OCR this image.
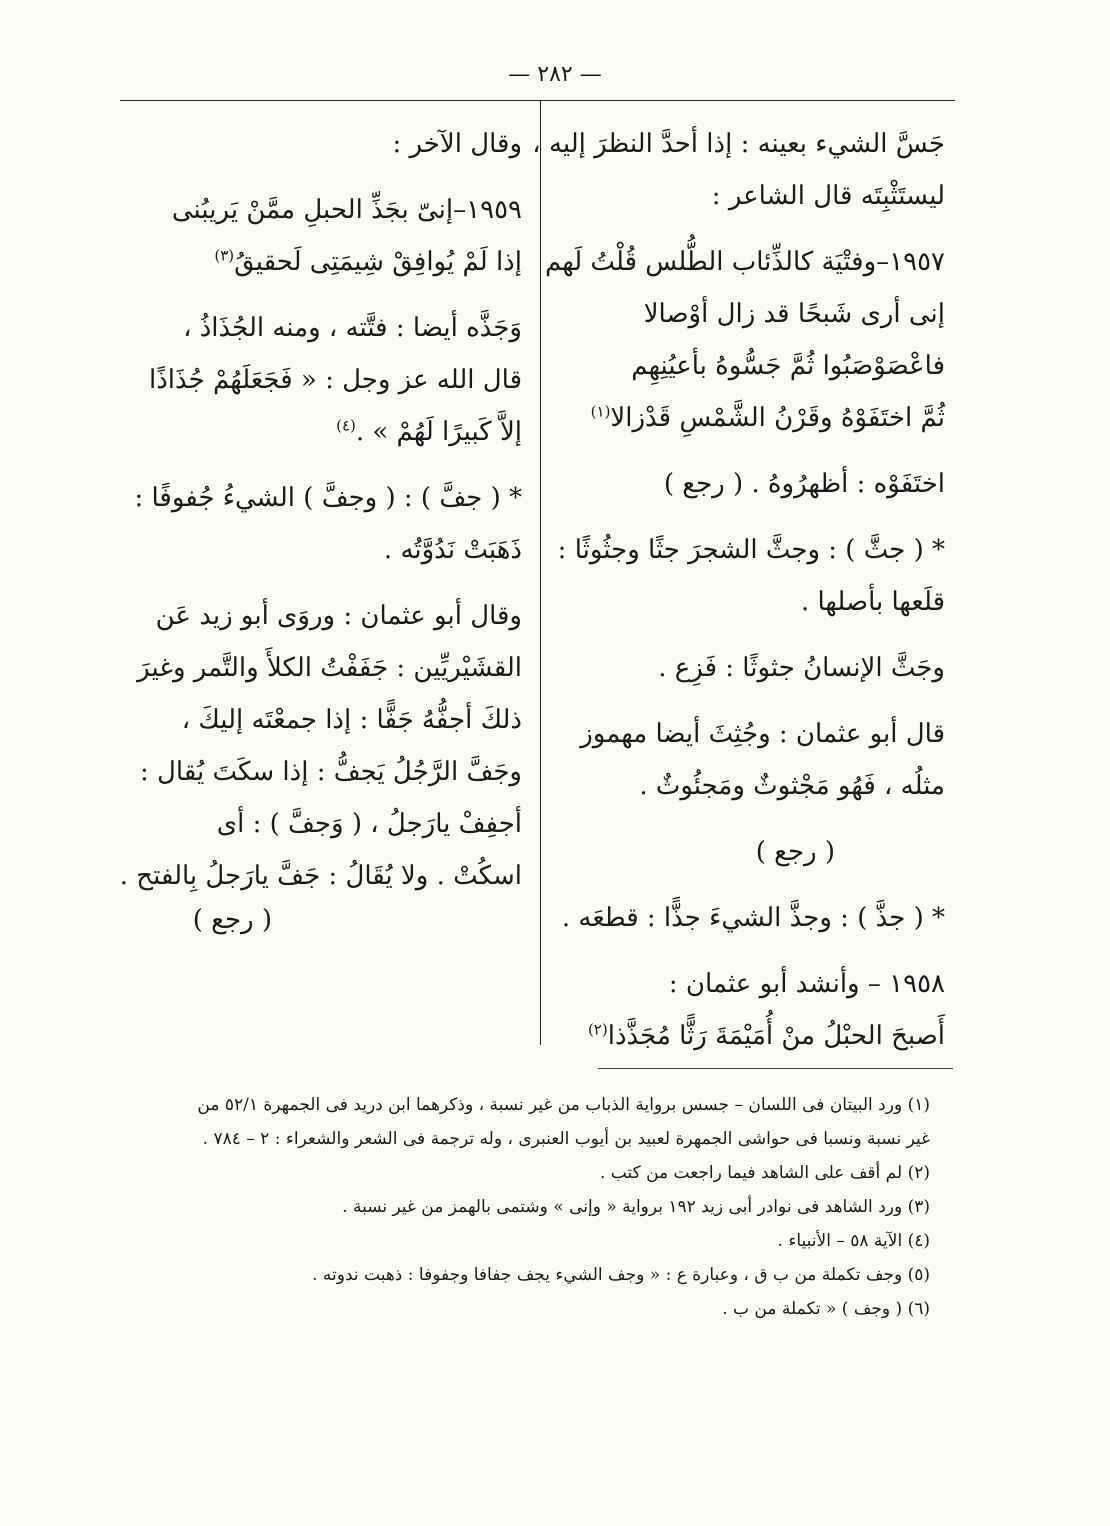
— ٢٨٢ —
جَسَّ الشيء بعينه : إذا أحدَّ النظرَ إليه ،
ليستَثْبِتَه قال الشاعر :
١٩٥٧–وفتْيَة كالذِّئاب الطُّلس قُلْتُ لَهم
إنى أرى شَبحًا قد زال أوْصالا
فاعْصَوْصَبُوا ثُمَّ جَسُّوهُ بأعيُنِهِم
ثُمَّ اختَفَوْهُ وقَرْنُ الشَّمْسِ قَدْزالا$^{(١)}$
اختَفَوْه : أظهرُوهُ . ( رجع )
* ( جثَّ ) : وجثَّ الشجرَ جثًا وجثُوثًا :
قلَعها بأصلها .
وجَثَّ الإنسانُ جثوثًا : فَزِع .
قال أبو عثمان : وجُثِثَ أيضا مهموز
مثلُه ، فَهُو مَجْثوثٌ ومَجئُوثٌ .
( رجع )
* ( جذَّ ) : وجذَّ الشيءَ جذًّا : قطعَه .
١٩٥٨ – وأنشد أبو عثمان :
أَصبحَ الحبْلُ منْ أُمَيْمَةَ رَثًّا مُجَذَّذا$^{(٢)}$
وقال الآخر :
١٩٥٩–إنىّ بجَذِّ الحبلِ ممَّنْ يَريبُنى
إذا لَمْ يُوافِقْ شِيمَتِى لَحقيقُ$^{(٣)}$
وَجَذَّه أيضا : فتَّته ، ومنه الجُذَاذُ ،
قال الله عز وجل : « فَجَعَلَهُمْ جُذَاذًا
إلاَّ كَبيرًا لَهُمْ » .$^{(٤)}$
* ( جفَّ ) : ( وجفَّ ) الشيءُ جُفوفًا :
ذَهَبَتْ نَدُوَّتُه .
وقال أبو عثمان : وروَى أبو زيد عَن
القشَيْريِّين : جَفَفْتُ الكلأَ والتَّمر وغيرَ
ذلكَ أجفُّهُ جَفًّا : إذا جمعْتَه إليكَ ،
وجَفَّ الرَّجُلُ يَجفُّ : إذا سكَتَ يُقال :
أجفِفْ يارَجلُ ، ( وَجفَّ ) : أى
اسكُتْ . ولا يُقَالُ : جَفَّ يارَجلُ بِالفتح .
( رجع )
(١) ورد البيتان فى اللسان – جسس برواية الذباب من غير نسبة ، وذكرهما ابن دريد فى الجمهرة ٥٢/١ من
غير نسبة ونسبا فى حواشى الجمهرة لعبيد بن أيوب العنبرى ، وله ترجمة فى الشعر والشعراء : ٢ – ٧٨٤ .
(٢) لم أقف على الشاهد فيما راجعت من كتب .
(٣) ورد الشاهد فى نوادر أبى زيد ١٩٢ برواية « وإنى » وشتمى بالهمز من غير نسبة .
(٤) الآية ٥٨ – الأنبياء .
(٥) وجف تكملة من ب ق ، وعبارة ع : « وجف الشيء يجف جفافا وجفوفا : ذهبت ندوته .
(٦) ( وجف ) « تكملة من ب .
